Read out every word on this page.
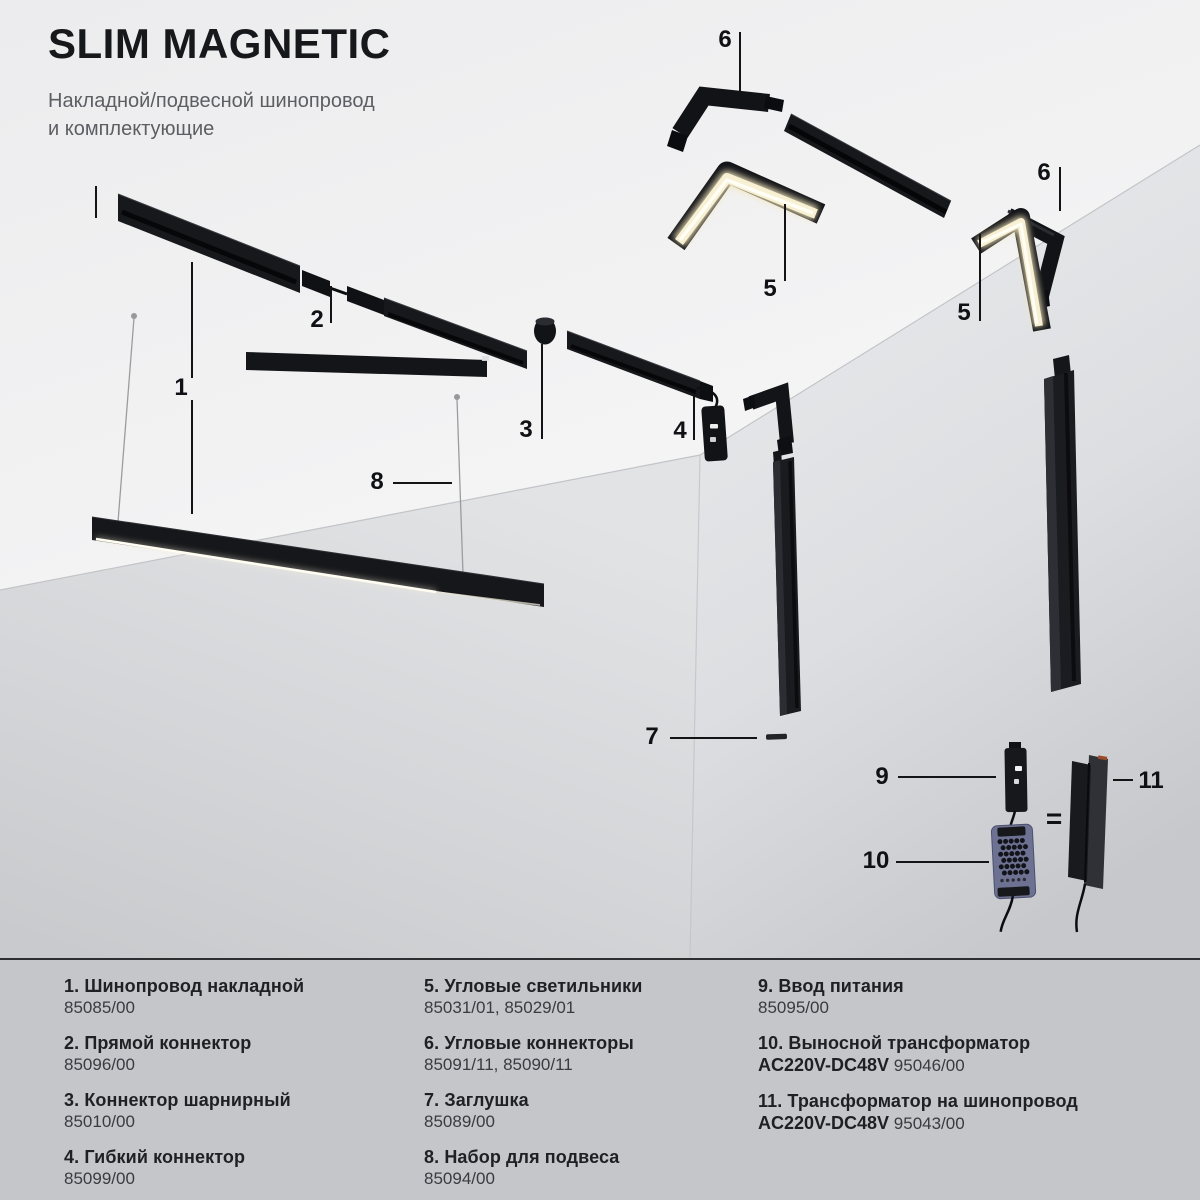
1
2
3	4
5
6
5
6
7
8
9
10
11
=
SLIM MAGNETIC
Накладной/подвесной шинопровод
и комплектующие
1. Шинопровод накладной
85085/00
2. Прямой коннектор
85096/00
3. Коннектор шарнирный
85010/00
4. Гибкий коннектор
85099/00
5. Угловые светильники
85031/01, 85029/01
6. Угловые коннекторы
85091/11, 85090/11
7. Заглушка
85089/00
8. Набор для подвеса
85094/00
9. Ввод питания
85095/00
10. Выносной трансформатор
AC220V-DC48V 95046/00
11. Трансформатор на шинопровод
AC220V-DC48V 95043/00
